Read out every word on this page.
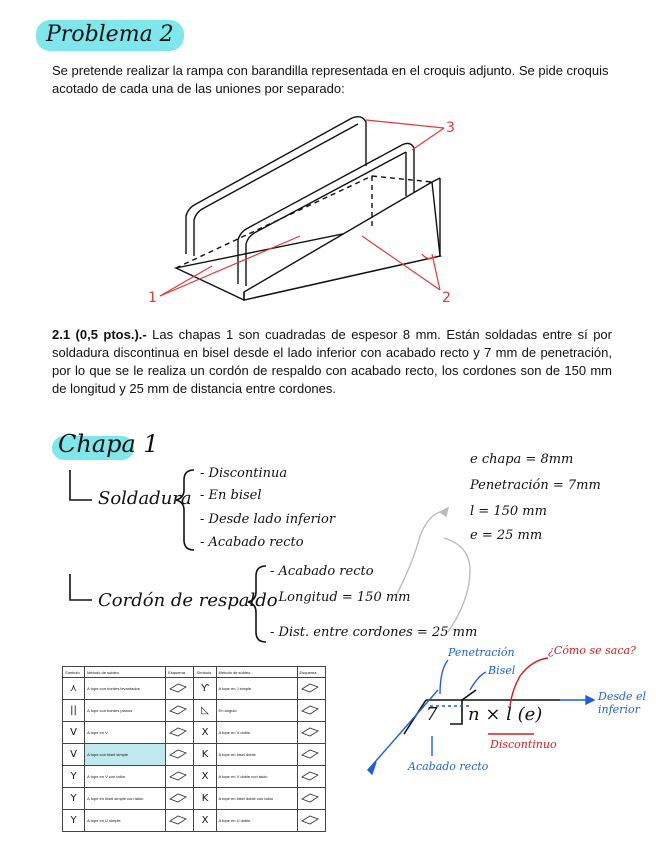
Problema 2
Se pretende realizar la rampa con barandilla representada en el croquis adjunto. Se pide croquis acotado de cada una de las uniones por separado:
1	2
3
2.1 (0,5 ptos.).- Las chapas 1 son cuadradas de espesor 8 mm. Están soldadas entre sí por soldadura discontinua en bisel desde el lado inferior con acabado recto y 7 mm de penetración, por lo que se le realiza un cordón de respaldo con acabado recto, los cordones son de 150 mm de longitud y 25 mm de distancia entre cordones.
Chapa 1
Soldadura
- Discontinua
- En bisel
- Desde lado inferior
- Acabado recto
Cordón de respaldo
- Acabado recto
- Longitud = 150 mm
- Dist. entre cordones = 25 mm
e chapa = 8mm
Penetración = 7mm
l = 150 mm
e = 25 mm
Penetración
Bisel
¿Cómo se saca?
Desde el inferior
7 n × l (e)
Discontinuo
Acabado recto
Símbolo	Método de soldeo	Esquema	Símbolo	Método de soldeo	Esquema
⋏	A tope con bordes levantados		Ƴ	A tope en J simple	
||	A tope con bordes planos		◺	En ángulo	
V	A tope en V		X	A tope en V doble	
V	A tope con bisel simple		K	A tope en bisel doble	
Y	A tope en V con talón		X	A tope en V doble con talón	
Y	A tope en bisel simple con talón		K	A tope en bisel doble con talón	
Y	A tope en U simple		X	A tope en U doble	
